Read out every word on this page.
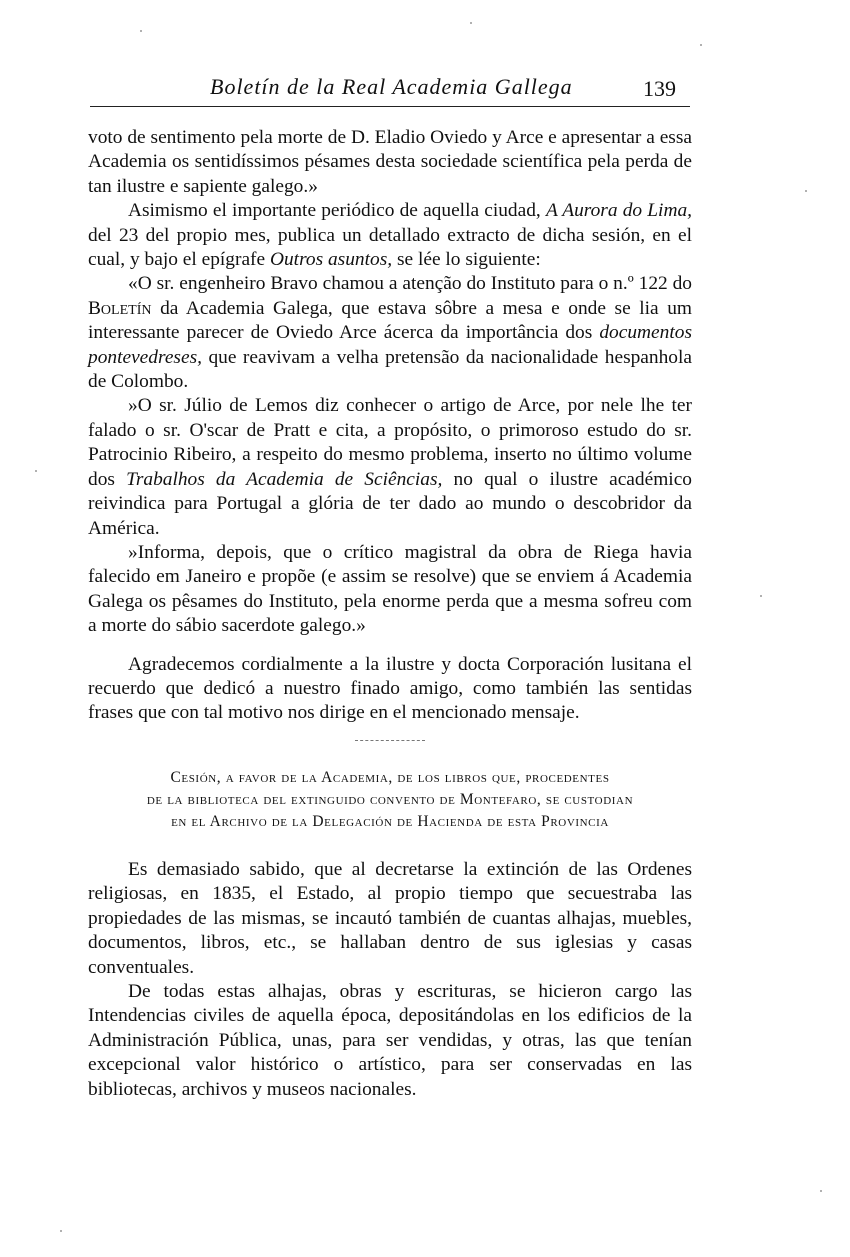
Boletín de la Real Academia Gallega	139

voto de sentimento pela morte de D. Eladio Oviedo y Arce e apresentar a essa Academia os sentidíssimos pésames desta sociedade scientífica pela perda de tan ilustre e sapiente galego.»

Asimismo el importante periódico de aquella ciudad, A Aurora do Lima, del 23 del propio mes, publica un detallado extracto de dicha sesión, en el cual, y bajo el epígrafe Outros asuntos, se lée lo siguiente:

«O sr. engenheiro Bravo chamou a atenção do Instituto para o n.º 122 do Boletín da Academia Galega, que estava sôbre a mesa e onde se lia um interessante parecer de Oviedo Arce ácerca da importância dos documentos pontevedreses, que reavivam a velha pretensão da nacionalidade hespanhola de Colombo.

»O sr. Júlio de Lemos diz conhecer o artigo de Arce, por nele lhe ter falado o sr. O'scar de Pratt e cita, a propósito, o primoroso estudo do sr. Patrocinio Ribeiro, a respeito do mesmo problema, inserto no último volume dos Trabalhos da Academia de Sciências, no qual o ilustre académico reivindica para Portugal a glória de ter dado ao mundo o descobridor da América.

»Informa, depois, que o crítico magistral da obra de Riega havia falecido em Janeiro e propõe (e assim se resolve) que se enviem á Academia Galega os pêsames do Instituto, pela enorme perda que a mesma sofreu com a morte do sábio sacerdote galego.»

Agradecemos cordialmente a la ilustre y docta Corporación lusitana el recuerdo que dedicó a nuestro finado amigo, como también las sentidas frases que con tal motivo nos dirige en el mencionado mensaje.

Cesión, a favor de la Academia, de los libros que, procedentes
de la biblioteca del extinguido convento de Montefaro, se custodian
en el Archivo de la Delegación de Hacienda de esta Provincia

Es demasiado sabido, que al decretarse la extinción de las Ordenes religiosas, en 1835, el Estado, al propio tiempo que secuestraba las propiedades de las mismas, se incautó también de cuantas alhajas, muebles, documentos, libros, etc., se hallaban dentro de sus iglesias y casas conventuales.

De todas estas alhajas, obras y escrituras, se hicieron cargo las Intendencias civiles de aquella época, depositándolas en los edificios de la Administración Pública, unas, para ser vendidas, y otras, las que tenían excepcional valor histórico o artístico, para ser conservadas en las bibliotecas, archivos y museos nacionales.
